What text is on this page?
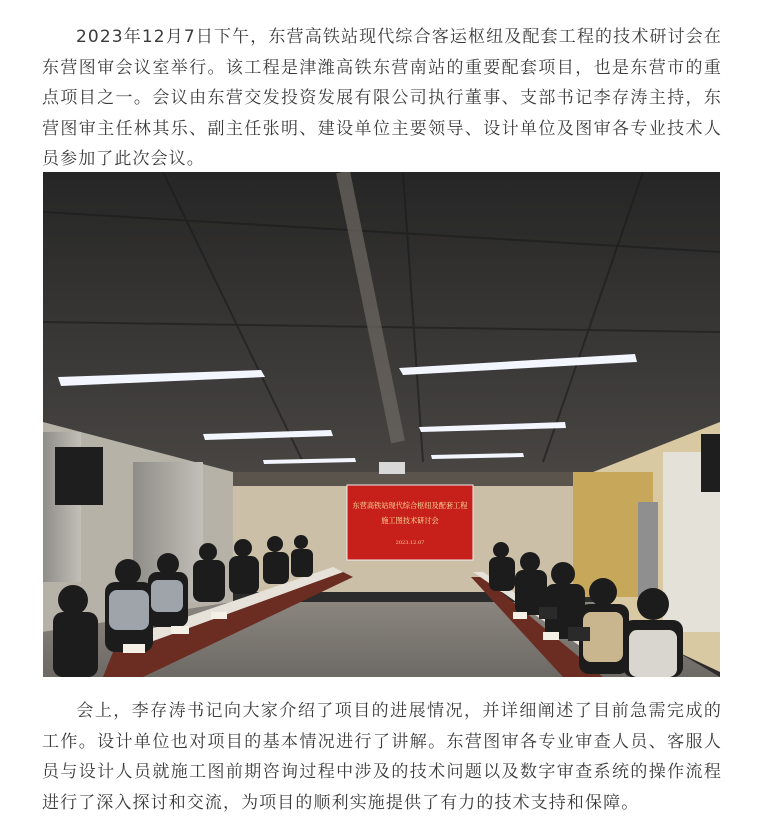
2023年12月7日下午，东营高铁站现代综合客运枢纽及配套工程的技术研讨会在东营图审会议室举行。该工程是津潍高铁东营南站的重要配套项目，也是东营市的重点项目之一。会议由东营交发投资发展有限公司执行董事、支部书记李存涛主持，东营图审主任林其乐、副主任张明、建设单位主要领导、设计单位及图审各专业技术人员参加了此次会议。

东营高铁站现代综合枢纽及配套工程
施工图技术研讨会
2023.12.07

会上，李存涛书记向大家介绍了项目的进展情况，并详细阐述了目前急需完成的工作。设计单位也对项目的基本情况进行了讲解。东营图审各专业审查人员、客服人员与设计人员就施工图前期咨询过程中涉及的技术问题以及数字审查系统的操作流程进行了深入探讨和交流，为项目的顺利实施提供了有力的技术支持和保障。
